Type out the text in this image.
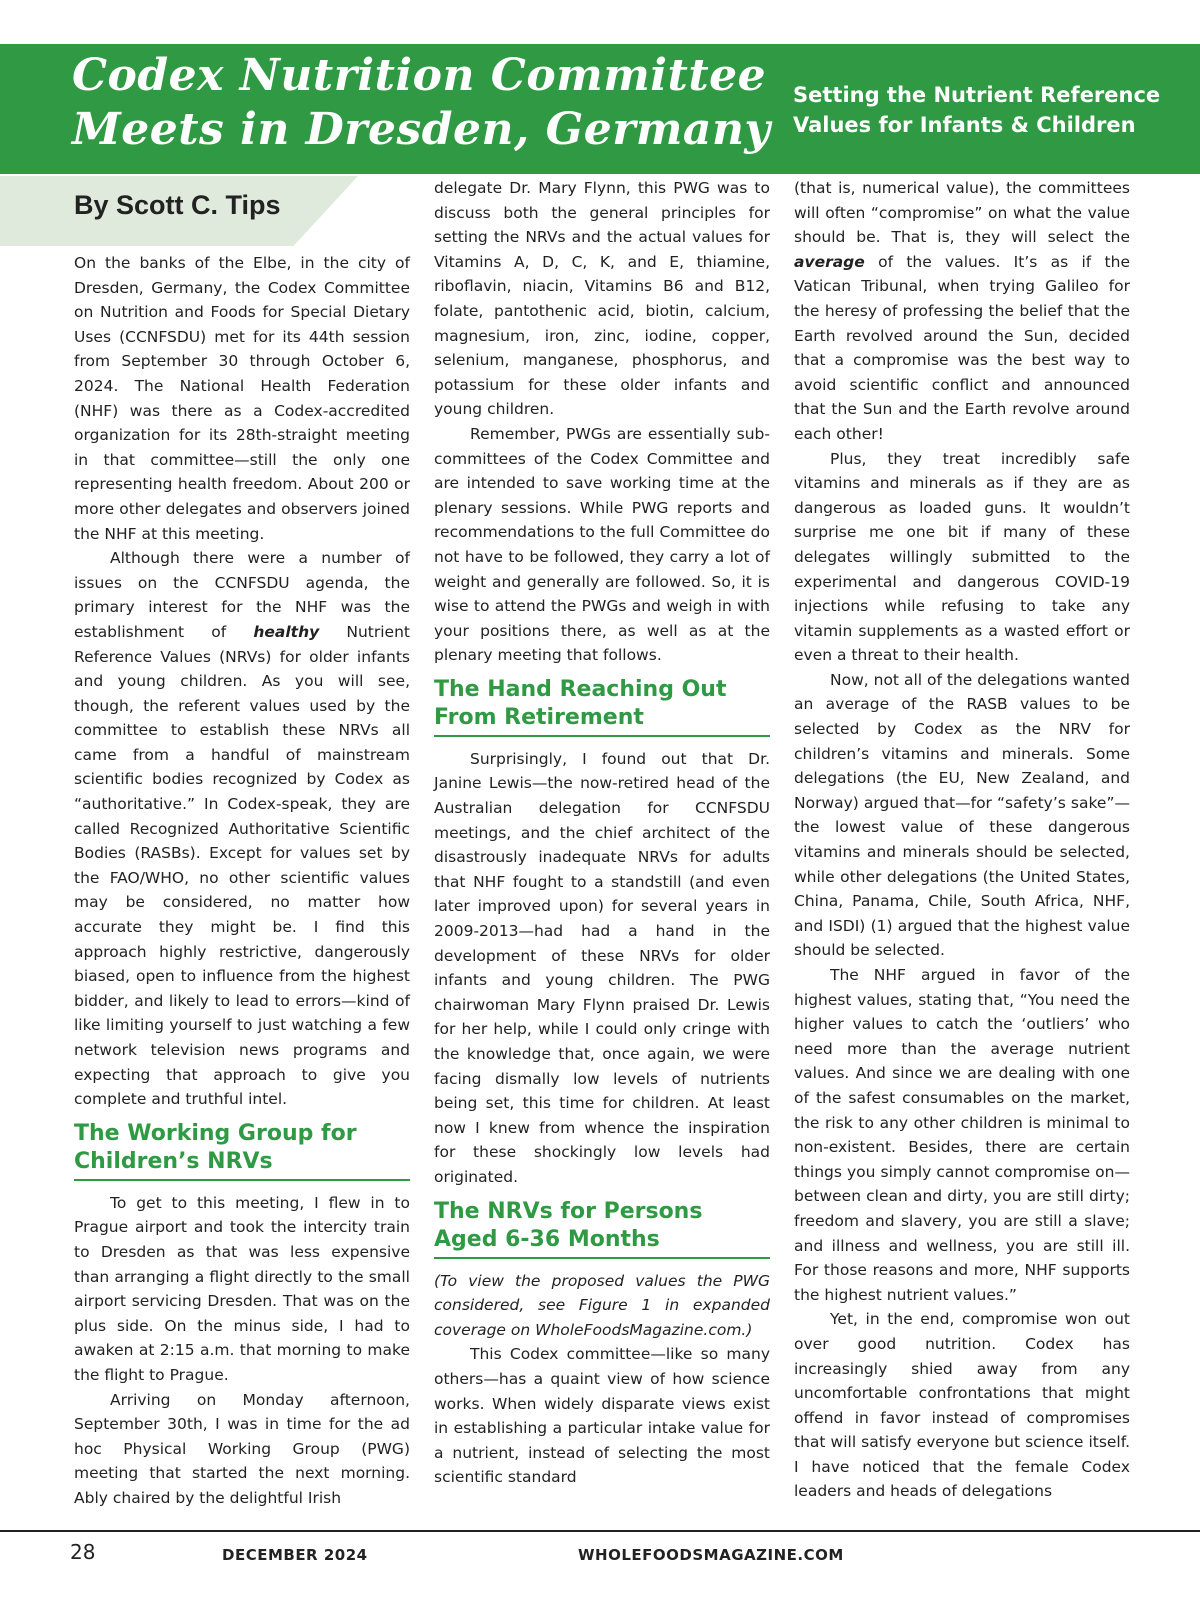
Codex Nutrition Committee
Meets in Dresden, Germany
Setting the Nutrient Reference
Values for Infants & Children
By Scott C. Tips

On the banks of the Elbe, in the city of Dresden, Germany, the Codex Committee on Nutrition and Foods for Special Dietary Uses (CCNFSDU) met for its 44th session from September 30 through October 6, 2024. The National Health Federation (NHF) was there as a Codex-accredited organization for its 28th-straight meeting in that committee—still the only one representing health freedom. About 200 or more other delegates and observers joined the NHF at this meeting.

Although there were a number of issues on the CCNFSDU agenda, the primary interest for the NHF was the establishment of healthy Nutrient Reference Values (NRVs) for older infants and young children. As you will see, though, the referent values used by the committee to establish these NRVs all came from a handful of mainstream scientific bodies recognized by Codex as “authoritative.” In Codex-speak, they are called Recognized Authoritative Scientific Bodies (RASBs). Except for values set by the FAO/WHO, no other scientific values may be considered, no matter how accurate they might be. I find this approach highly restrictive, dangerously biased, open to influence from the highest bidder, and likely to lead to errors—kind of like limiting yourself to just watching a few network television news programs and expecting that approach to give you complete and truthful intel.

The Working Group for Children’s NRVs

To get to this meeting, I flew in to Prague airport and took the intercity train to Dresden as that was less expensive than arranging a flight directly to the small airport servicing Dresden. That was on the plus side. On the minus side, I had to awaken at 2:15 a.m. that morning to make the flight to Prague.

Arriving on Monday afternoon, September 30th, I was in time for the ad hoc Physical Working Group (PWG) meeting that started the next morning. Ably chaired by the delightful Irish

delegate Dr. Mary Flynn, this PWG was to discuss both the general principles for setting the NRVs and the actual values for Vitamins A, D, C, K, and E, thiamine, riboflavin, niacin, Vitamins B6 and B12, folate, pantothenic acid, biotin, calcium, magnesium, iron, zinc, iodine, copper, selenium, manganese, phosphorus, and potassium for these older infants and young children.

Remember, PWGs are essentially sub-committees of the Codex Committee and are intended to save working time at the plenary sessions. While PWG reports and recommendations to the full Committee do not have to be followed, they carry a lot of weight and generally are followed. So, it is wise to attend the PWGs and weigh in with your positions there, as well as at the plenary meeting that follows.

The Hand Reaching Out From Retirement

Surprisingly, I found out that Dr. Janine Lewis—the now-retired head of the Australian delegation for CCNFSDU meetings, and the chief architect of the disastrously inadequate NRVs for adults that NHF fought to a standstill (and even later improved upon) for several years in 2009-2013—had had a hand in the development of these NRVs for older infants and young children. The PWG chairwoman Mary Flynn praised Dr. Lewis for her help, while I could only cringe with the knowledge that, once again, we were facing dismally low levels of nutrients being set, this time for children. At least now I knew from whence the inspiration for these shockingly low levels had originated.

The NRVs for Persons Aged 6-36 Months

(To view the proposed values the PWG considered, see Figure 1 in expanded coverage on WholeFoodsMagazine.com.)

This Codex committee—like so many others—has a quaint view of how science works. When widely disparate views exist in establishing a particular intake value for a nutrient, instead of selecting the most scientific standard

(that is, numerical value), the committees will often “compromise” on what the value should be. That is, they will select the average of the values. It’s as if the Vatican Tribunal, when trying Galileo for the heresy of professing the belief that the Earth revolved around the Sun, decided that a compromise was the best way to avoid scientific conflict and announced that the Sun and the Earth revolve around each other!

Plus, they treat incredibly safe vitamins and minerals as if they are as dangerous as loaded guns. It wouldn’t surprise me one bit if many of these delegates willingly submitted to the experimental and dangerous COVID-19 injections while refusing to take any vitamin supplements as a wasted effort or even a threat to their health.

Now, not all of the delegations wanted an average of the RASB values to be selected by Codex as the NRV for children’s vitamins and minerals. Some delegations (the EU, New Zealand, and Norway) argued that—for “safety’s sake”—the lowest value of these dangerous vitamins and minerals should be selected, while other delegations (the United States, China, Panama, Chile, South Africa, NHF, and ISDI) (1) argued that the highest value should be selected.

The NHF argued in favor of the highest values, stating that, “You need the higher values to catch the ‘outliers’ who need more than the average nutrient values. And since we are dealing with one of the safest consumables on the market, the risk to any other children is minimal to non-existent. Besides, there are certain things you simply cannot compromise on—between clean and dirty, you are still dirty; freedom and slavery, you are still a slave; and illness and wellness, you are still ill. For those reasons and more, NHF supports the highest nutrient values.”

Yet, in the end, compromise won out over good nutrition. Codex has increasingly shied away from any uncomfortable confrontations that might offend in favor instead of compromises that will satisfy everyone but science itself. I have noticed that the female Codex leaders and heads of delegations

28	DECEMBER 2024	WHOLEFOODSMAGAZINE.COM
